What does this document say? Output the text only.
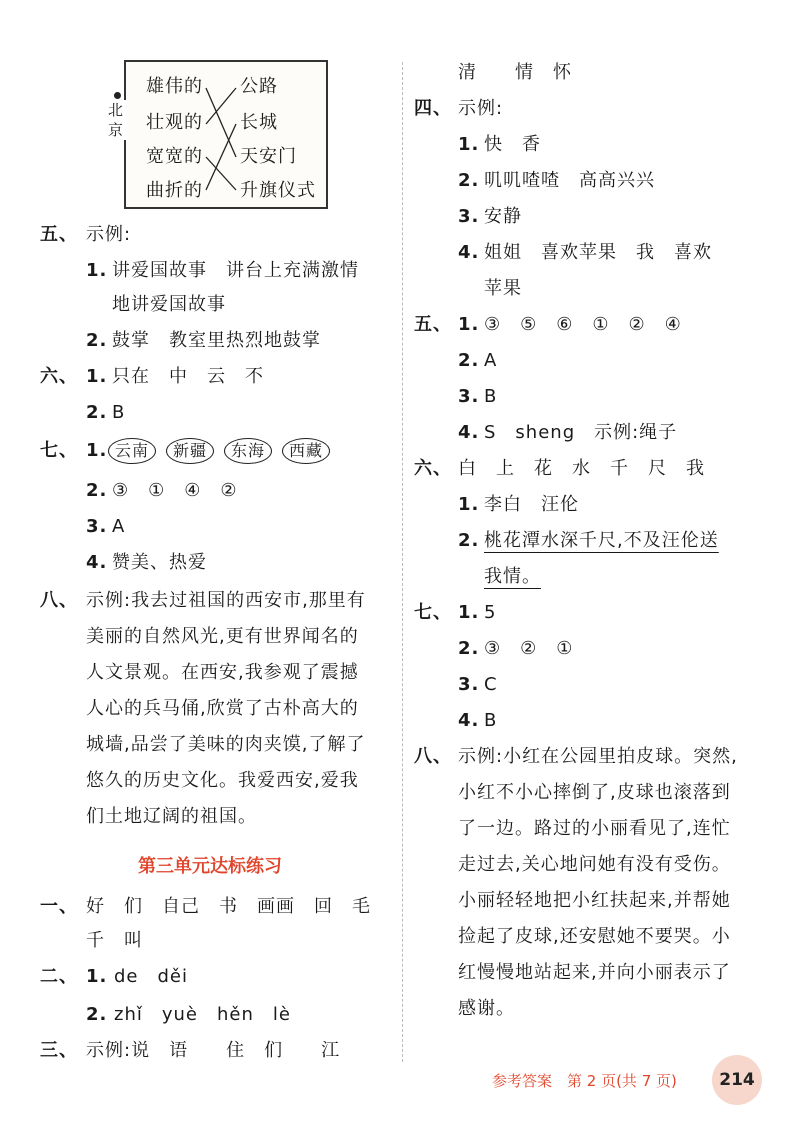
雄伟的
壮观的
宽宽的
曲折的
公路
长城
天安门
升旗仪式
北京
五、 示例:
1. 讲爱国故事　讲台上充满激情
地讲爱国故事
2. 鼓掌　教室里热烈地鼓掌
六、 1. 只在　中　云　不
2. B
七、 1. 云南 新疆 东海 西藏
2. ③　①　④　②
3. A
4. 赞美、热爱
八、 示例:我去过祖国的西安市,那里有
美丽的自然风光,更有世界闻名的
人文景观。在西安,我参观了震撼
人心的兵马俑,欣赏了古朴高大的
城墙,品尝了美味的肉夹馍,了解了
悠久的历史文化。我爱西安,爱我
们土地辽阔的祖国。
第三单元达标练习
一、 好　们　自己　书　画画　回　毛
千　叫
二、 1. de　děi
2. zhǐ　yuè　hěn　lè
三、 示例:说　语　　住　们　　江
清　　情　怀
四、 示例:
1. 快　香
2. 叽叽喳喳　高高兴兴
3. 安静
4. 姐姐　喜欢苹果　我　喜欢
苹果
五、 1. ③　⑤　⑥　①　②　④
2. A
3. B
4. S　sheng　示例:绳子
六、 白　上　花　水　千　尺　我
1. 李白　汪伦
2. 桃花潭水深千尺,不及汪伦送
我情。
七、 1. 5
2. ③　②　①
3. C
4. B
八、 示例:小红在公园里拍皮球。突然,
小红不小心摔倒了,皮球也滚落到
了一边。路过的小丽看见了,连忙
走过去,关心地问她有没有受伤。
小丽轻轻地把小红扶起来,并帮她
捡起了皮球,还安慰她不要哭。小
红慢慢地站起来,并向小丽表示了
感谢。
参考答案　第 2 页(共 7 页)	214
